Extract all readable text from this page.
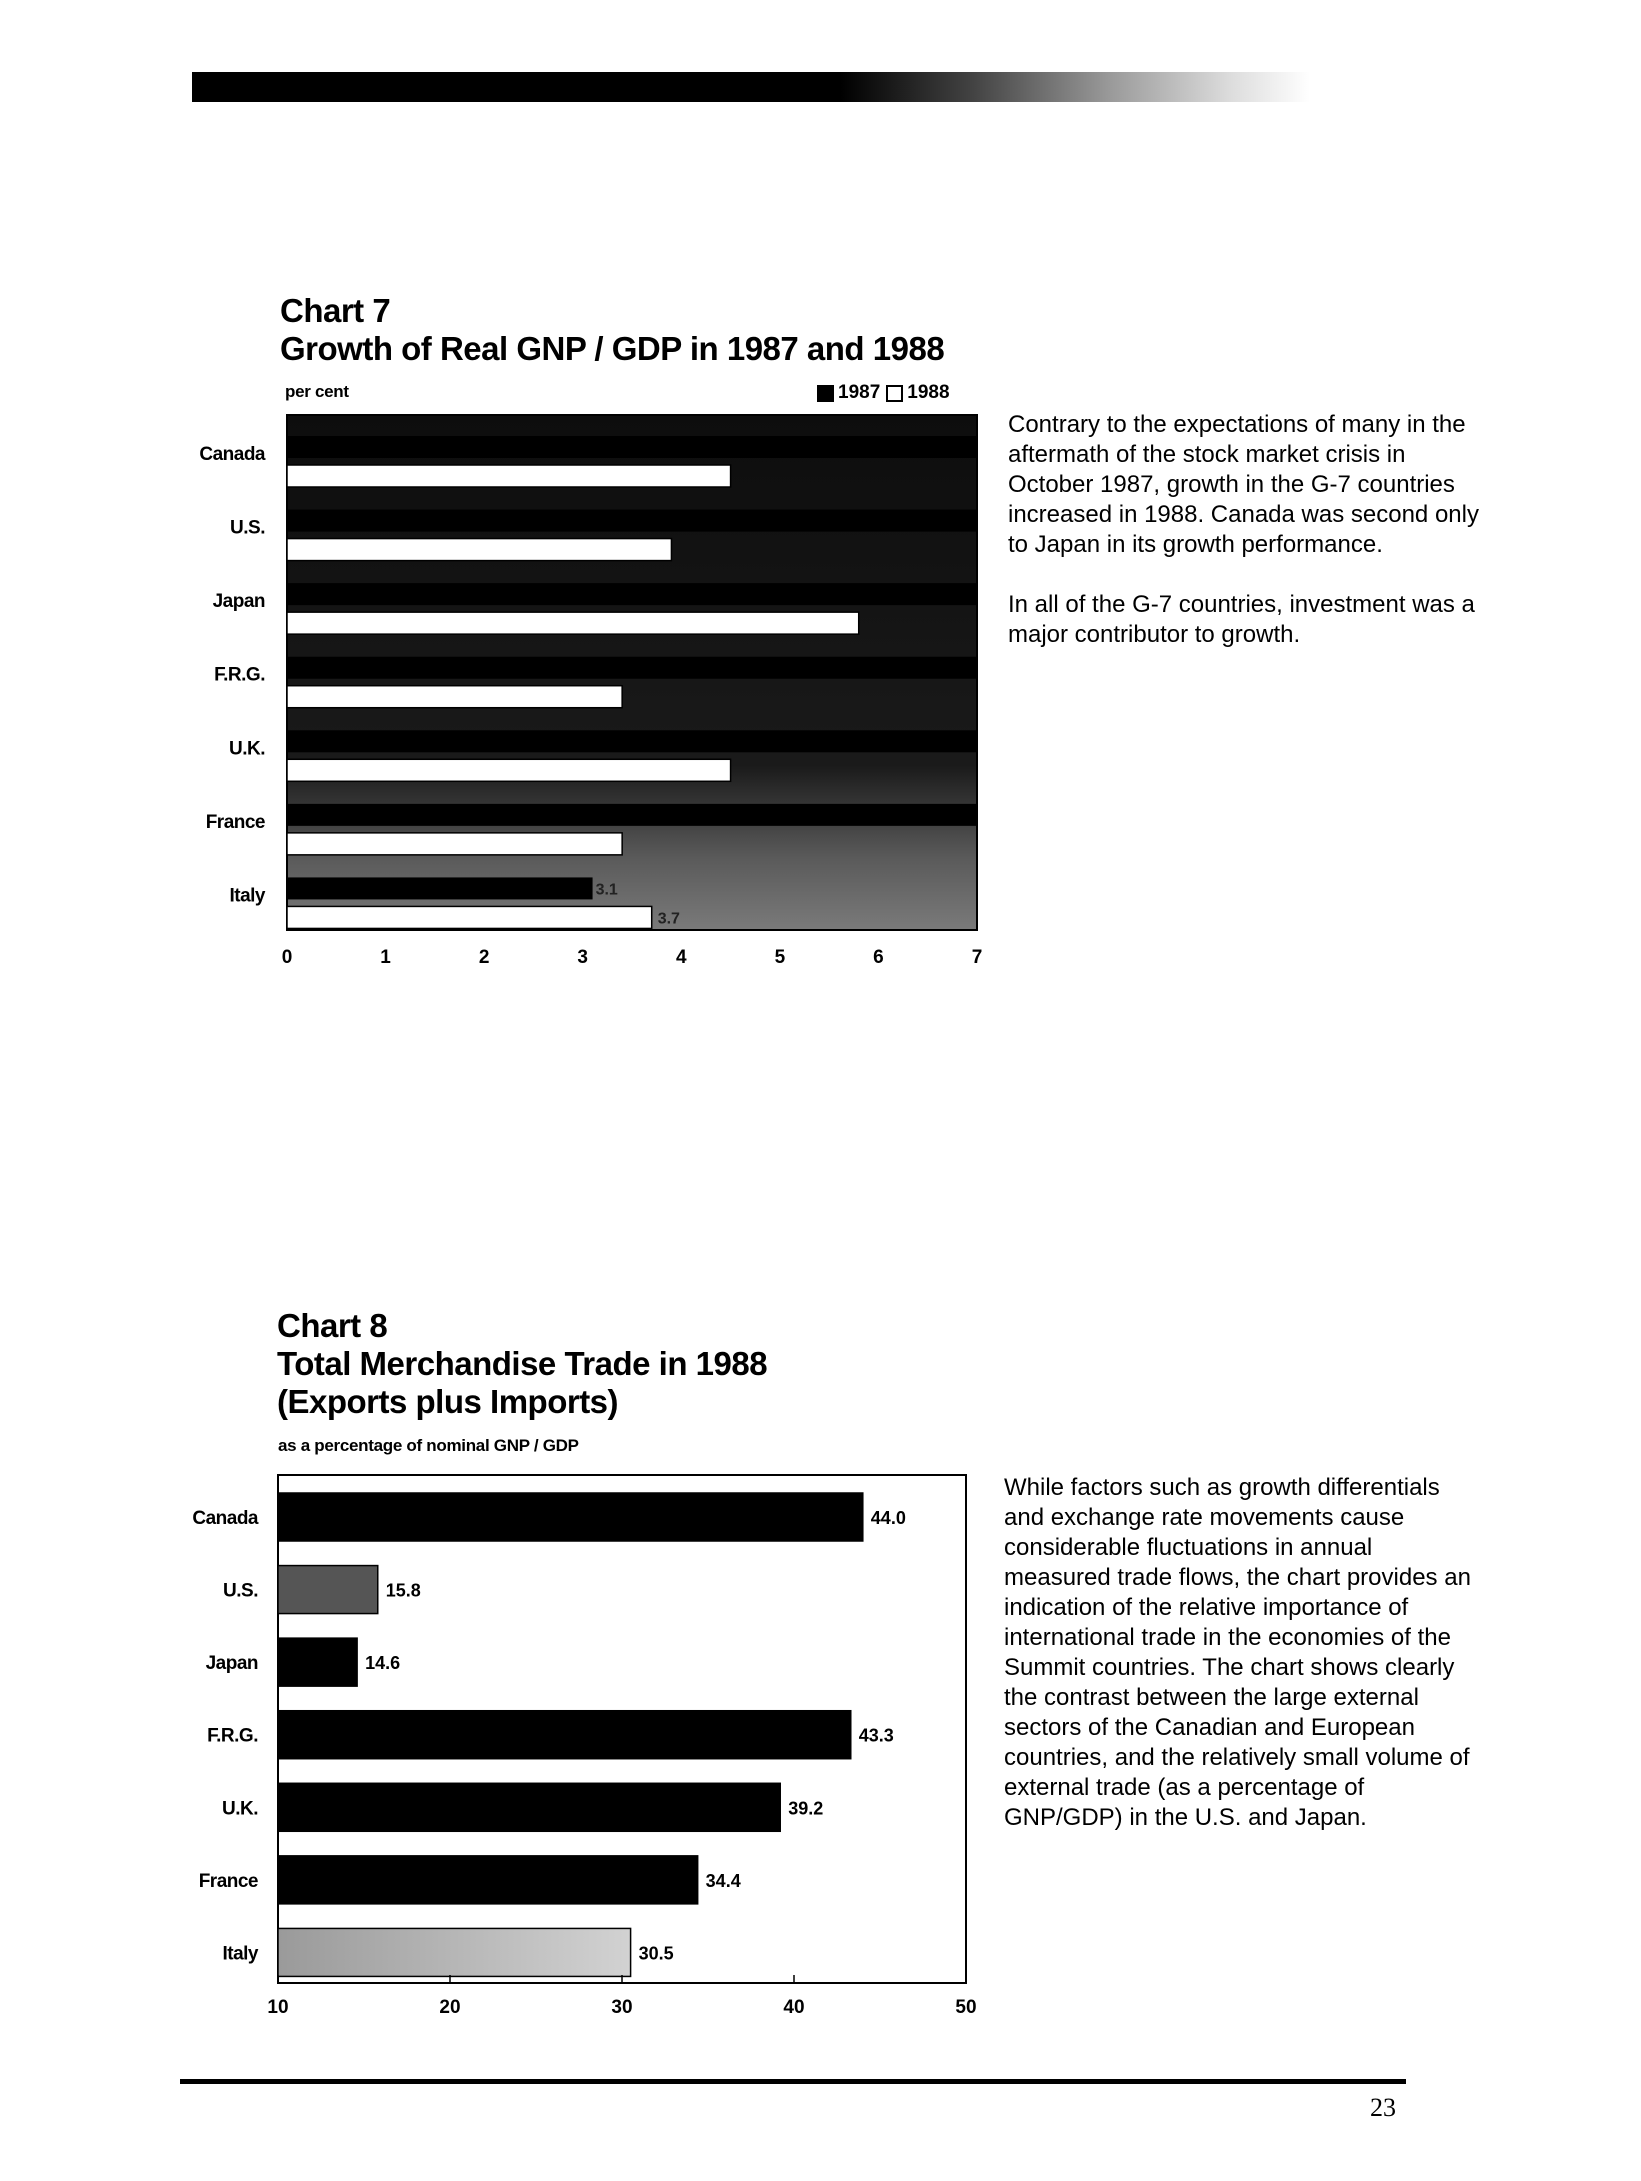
Chart 7
Growth of Real GNP / GDP in 1987 and 1988
per cent	1987 1988
Canada
U.S.
Japan
F.R.G.
U.K.
France
Italy	3.1
3.7
0	1	2	3	4	5	6	7

Contrary to the expectations of many in the aftermath of the stock market crisis in October 1987, growth in the G-7 countries increased in 1988. Canada was second only to Japan in its growth performance.

In all of the G-7 countries, investment was a major contributor to growth.

Chart 8
Total Merchandise Trade in 1988
(Exports plus Imports)
as a percentage of nominal GNP / GDP
Canada	44.0
U.S.	15.8
Japan	14.6
F.R.G.	43.3
U.K.	39.2
France	34.4
Italy	30.5
10	20	30	40	50

While factors such as growth differentials and exchange rate movements cause considerable fluctuations in annual measured trade flows, the chart provides an indication of the relative importance of international trade in the economies of the Summit countries. The chart shows clearly the contrast between the large external sectors of the Canadian and European countries, and the relatively small volume of external trade (as a percentage of GNP/GDP) in the U.S. and Japan.

23
